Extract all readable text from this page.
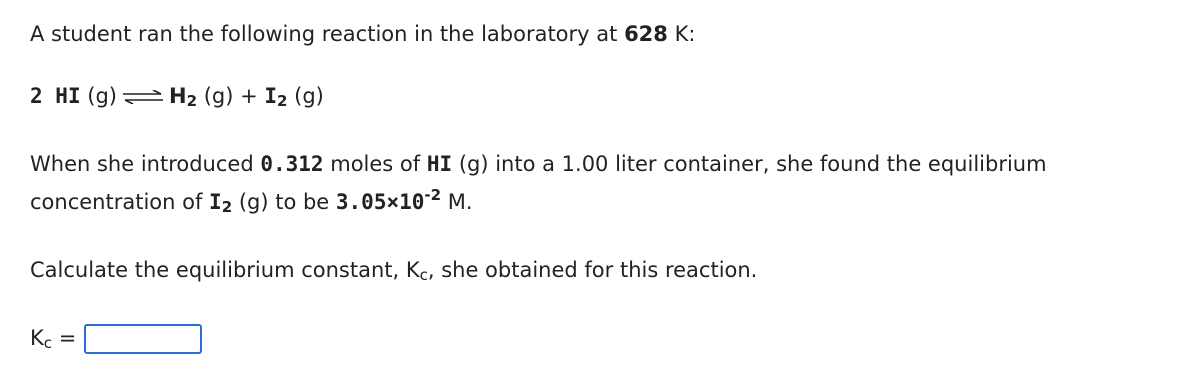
A student ran the following reaction in the laboratory at 628 K:
2 HI (g) ⇌ $H_2$ $(g) + I_2$ (g)
When she introduced 0.312 moles of HI (g) into a 1.00 liter container, she found the equilibrium
concentration of $I_2$ (g) to be $3.05\times 10^{-2}$ M.
Calculate the equilibrium constant, $K_c$, she obtained for this reaction.
$K_c$ =
